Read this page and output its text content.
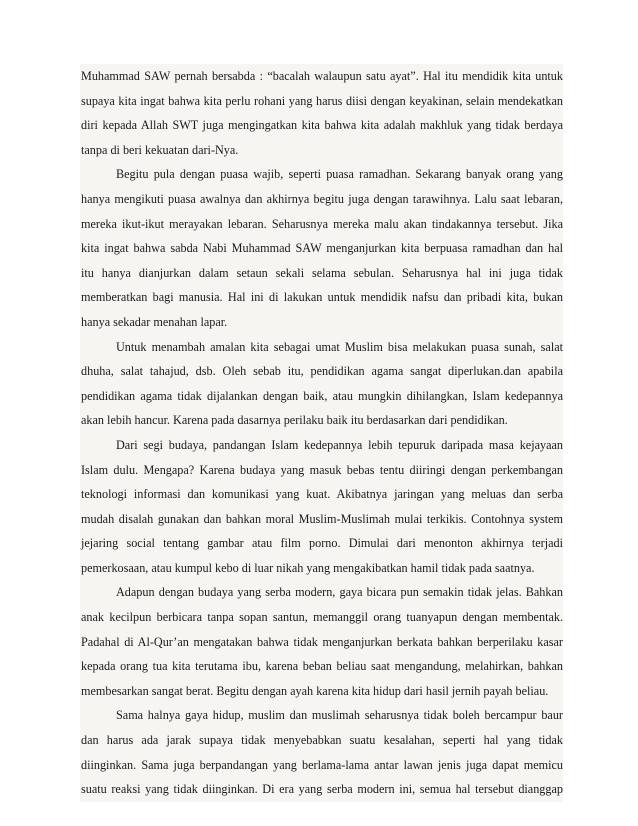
Muhammad SAW pernah bersabda : “bacalah walaupun satu ayat”. Hal itu mendidik kita untuk
supaya kita ingat bahwa kita perlu rohani yang harus diisi dengan keyakinan, selain mendekatkan
diri kepada Allah SWT juga mengingatkan kita bahwa kita adalah makhluk yang tidak berdaya
tanpa di beri kekuatan dari-Nya.
Begitu pula dengan puasa wajib, seperti puasa ramadhan. Sekarang banyak orang yang
hanya mengikuti puasa awalnya dan akhirnya begitu juga dengan tarawihnya. Lalu saat lebaran,
mereka ikut-ikut merayakan lebaran. Seharusnya mereka malu akan tindakannya tersebut. Jika
kita ingat bahwa sabda Nabi Muhammad SAW menganjurkan kita berpuasa ramadhan dan hal
itu hanya dianjurkan dalam setaun sekali selama sebulan. Seharusnya hal ini juga tidak
memberatkan bagi manusia. Hal ini di lakukan untuk mendidik nafsu dan pribadi kita, bukan
hanya sekadar menahan lapar.
Untuk menambah amalan kita sebagai umat Muslim bisa melakukan puasa sunah, salat
dhuha, salat tahajud, dsb. Oleh sebab itu, pendidikan agama sangat diperlukan.dan apabila
pendidikan agama tidak dijalankan dengan baik, atau mungkin dihilangkan, Islam kedepannya
akan lebih hancur. Karena pada dasarnya perilaku baik itu berdasarkan dari pendidikan.
Dari segi budaya, pandangan Islam kedepannya lebih tepuruk daripada masa kejayaan
Islam dulu. Mengapa? Karena budaya yang masuk bebas tentu diiringi dengan perkembangan
teknologi informasi dan komunikasi yang kuat. Akibatnya jaringan yang meluas dan serba
mudah disalah gunakan dan bahkan moral Muslim-Muslimah mulai terkikis. Contohnya system
jejaring social tentang gambar atau film porno. Dimulai dari menonton akhirnya terjadi
pemerkosaan, atau kumpul kebo di luar nikah yang mengakibatkan hamil tidak pada saatnya.
Adapun dengan budaya yang serba modern, gaya bicara pun semakin tidak jelas. Bahkan
anak kecilpun berbicara tanpa sopan santun, memanggil orang tuanyapun dengan membentak.
Padahal di Al-Qur’an mengatakan bahwa tidak menganjurkan berkata bahkan berperilaku kasar
kepada orang tua kita terutama ibu, karena beban beliau saat mengandung, melahirkan, bahkan
membesarkan sangat berat. Begitu dengan ayah karena kita hidup dari hasil jernih payah beliau.
Sama halnya gaya hidup, muslim dan muslimah seharusnya tidak boleh bercampur baur
dan harus ada jarak supaya tidak menyebabkan suatu kesalahan, seperti hal yang tidak
diinginkan. Sama juga berpandangan yang berlama-lama antar lawan jenis juga dapat memicu
suatu reaksi yang tidak diinginkan. Di era yang serba modern ini, semua hal tersebut dianggap
